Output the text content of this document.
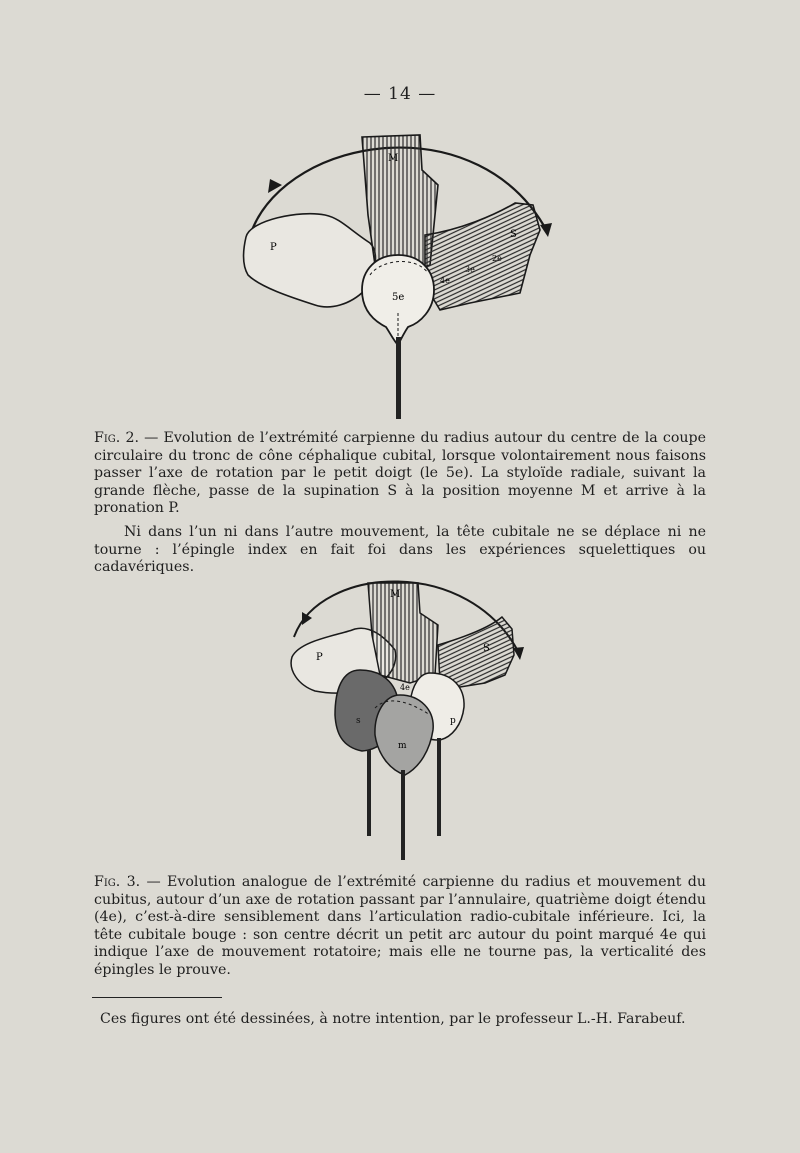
— 14 —
M
S
P
5e
4e
3e
2e

Fig. 2. — Evolution de l’extrémité carpienne du radius autour du centre de la coupe circulaire du tronc de cône céphalique cubital, lorsque volontairement nous faisons passer l’axe de rotation par le petit doigt (le 5e). La styloïde radiale, suivant la grande flèche, passe de la supination S à la position moyenne M et arrive à la pronation P.

Ni dans l’un ni dans l’autre mouvement, la tête cubitale ne se déplace ni ne tourne : l’épingle index en fait foi dans les expériences squelettiques ou cadavériques.

M
S
P
4e
s
m
p

Fig. 3. — Evolution analogue de l’extrémité carpienne du radius et mouvement du cubitus, autour d’un axe de rotation passant par l’annulaire, quatrième doigt étendu (4e), c’est-à-dire sensiblement dans l’articulation radio-cubitale inférieure. Ici, la tête cubitale bouge : son centre décrit un petit arc autour du point marqué 4e qui indique l’axe de mouvement rotatoire; mais elle ne tourne pas, la verticalité des épingles le prouve.

Ces figures ont été dessinées, à notre intention, par le professeur L.-H. Farabeuf.
